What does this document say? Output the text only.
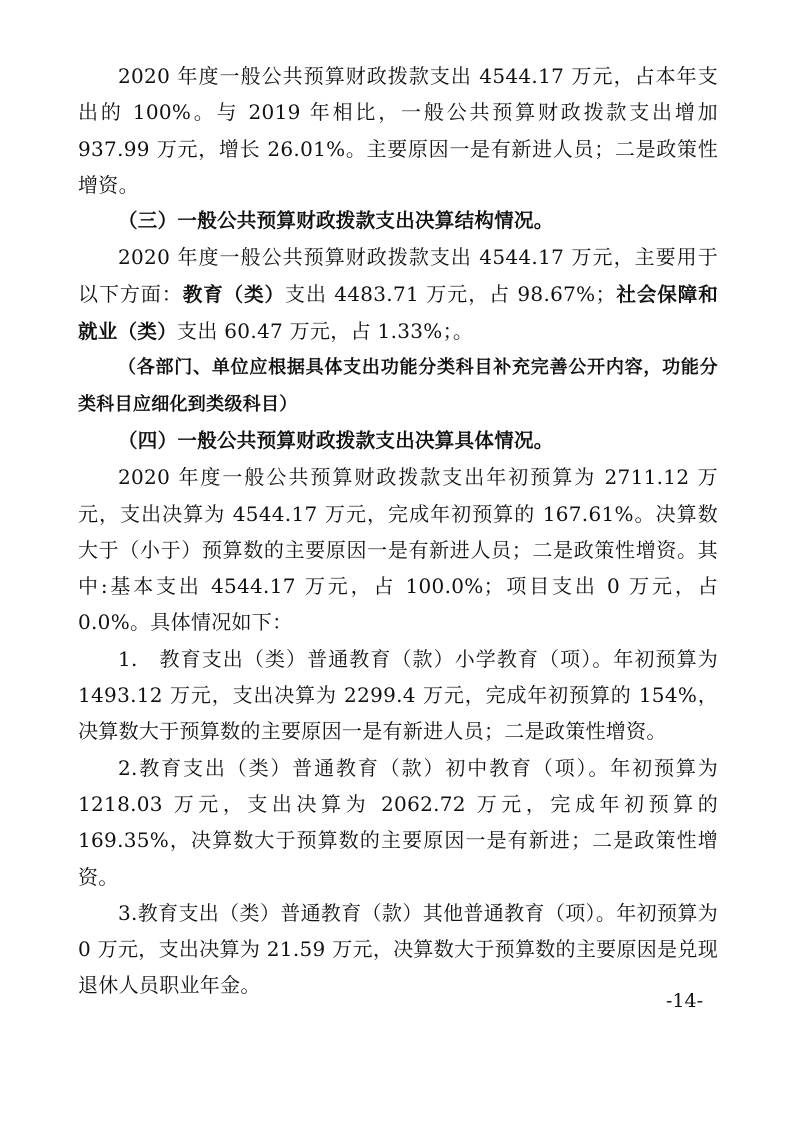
2020 年度一般公共预算财政拨款支出 4544.17 万元，占本年支出的 100%。与 2019 年相比，一般公共预算财政拨款支出增加 937.99 万元，增长 26.01%。主要原因一是有新进人员；二是政策性增资。

（三）一般公共预算财政拨款支出决算结构情况。

2020 年度一般公共预算财政拨款支出 4544.17 万元，主要用于以下方面：教育（类）支出 4483.71 万元，占 98.67%；社会保障和就业（类）支出 60.47 万元，占 1.33%；。

（各部门、单位应根据具体支出功能分类科目补充完善公开内容，功能分类科目应细化到类级科目）

（四）一般公共预算财政拨款支出决算具体情况。

2020 年度一般公共预算财政拨款支出年初预算为 2711.12 万元，支出决算为 4544.17 万元，完成年初预算的 167.61%。决算数大于（小于）预算数的主要原因一是有新进人员；二是政策性增资。其中:基本支出 4544.17 万元，占 100.0%；项目支出 0 万元，占 0.0%。具体情况如下：

1.　教育支出（类）普通教育（款）小学教育（项）。年初预算为 1493.12 万元，支出决算为 2299.4 万元，完成年初预算的 154%，决算数大于预算数的主要原因一是有新进人员；二是政策性增资。

2.教育支出（类）普通教育（款）初中教育（项）。年初预算为1218.03 万元，支出决算为 2062.72 万元，完成年初预算的 169.35%，决算数大于预算数的主要原因一是有新进；二是政策性增资。

3.教育支出（类）普通教育（款）其他普通教育（项）。年初预算为 0 万元，支出决算为 21.59 万元，决算数大于预算数的主要原因是兑现退休人员职业年金。

-14-
